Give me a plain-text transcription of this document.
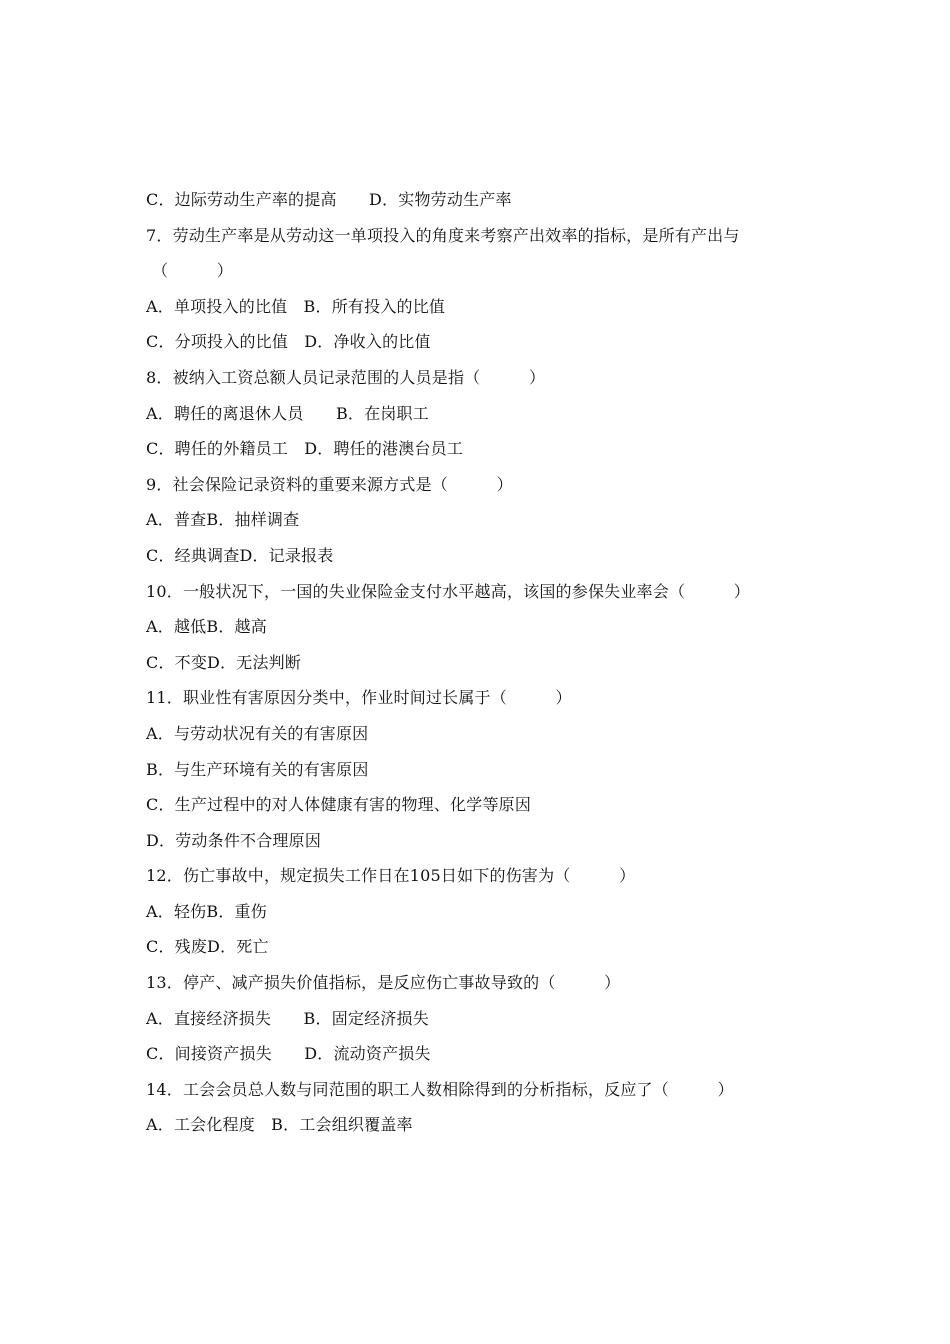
C．边际劳动生产率的提高　　D．实物劳动生产率
7．劳动生产率是从劳动这一单项投入的角度来考察产出效率的指标，是所有产出与
（　　　）
A．单项投入的比值　B．所有投入的比值
C．分项投入的比值　D．净收入的比值
8．被纳入工资总额人员记录范围的人员是指（　　　）
A．聘任的离退休人员　　B．在岗职工
C．聘任的外籍员工　D．聘任的港澳台员工
9．社会保险记录资料的重要来源方式是（　　　）
A．普查B．抽样调查
C．经典调查D．记录报表
10．一般状况下，一国的失业保险金支付水平越高，该国的参保失业率会（　　　）
A．越低B．越高
C．不变D．无法判断
11．职业性有害原因分类中，作业时间过长属于（　　　）
A．与劳动状况有关的有害原因
B．与生产环境有关的有害原因
C．生产过程中的对人体健康有害的物理、化学等原因
D．劳动条件不合理原因
12．伤亡事故中，规定损失工作日在105日如下的伤害为（　　　）
A．轻伤B．重伤
C．残废D．死亡
13．停产、减产损失价值指标，是反应伤亡事故导致的（　　　）
A．直接经济损失　　B．固定经济损失
C．间接资产损失　　D．流动资产损失
14．工会会员总人数与同范围的职工人数相除得到的分析指标，反应了（　　　）
A．工会化程度　B．工会组织覆盖率
